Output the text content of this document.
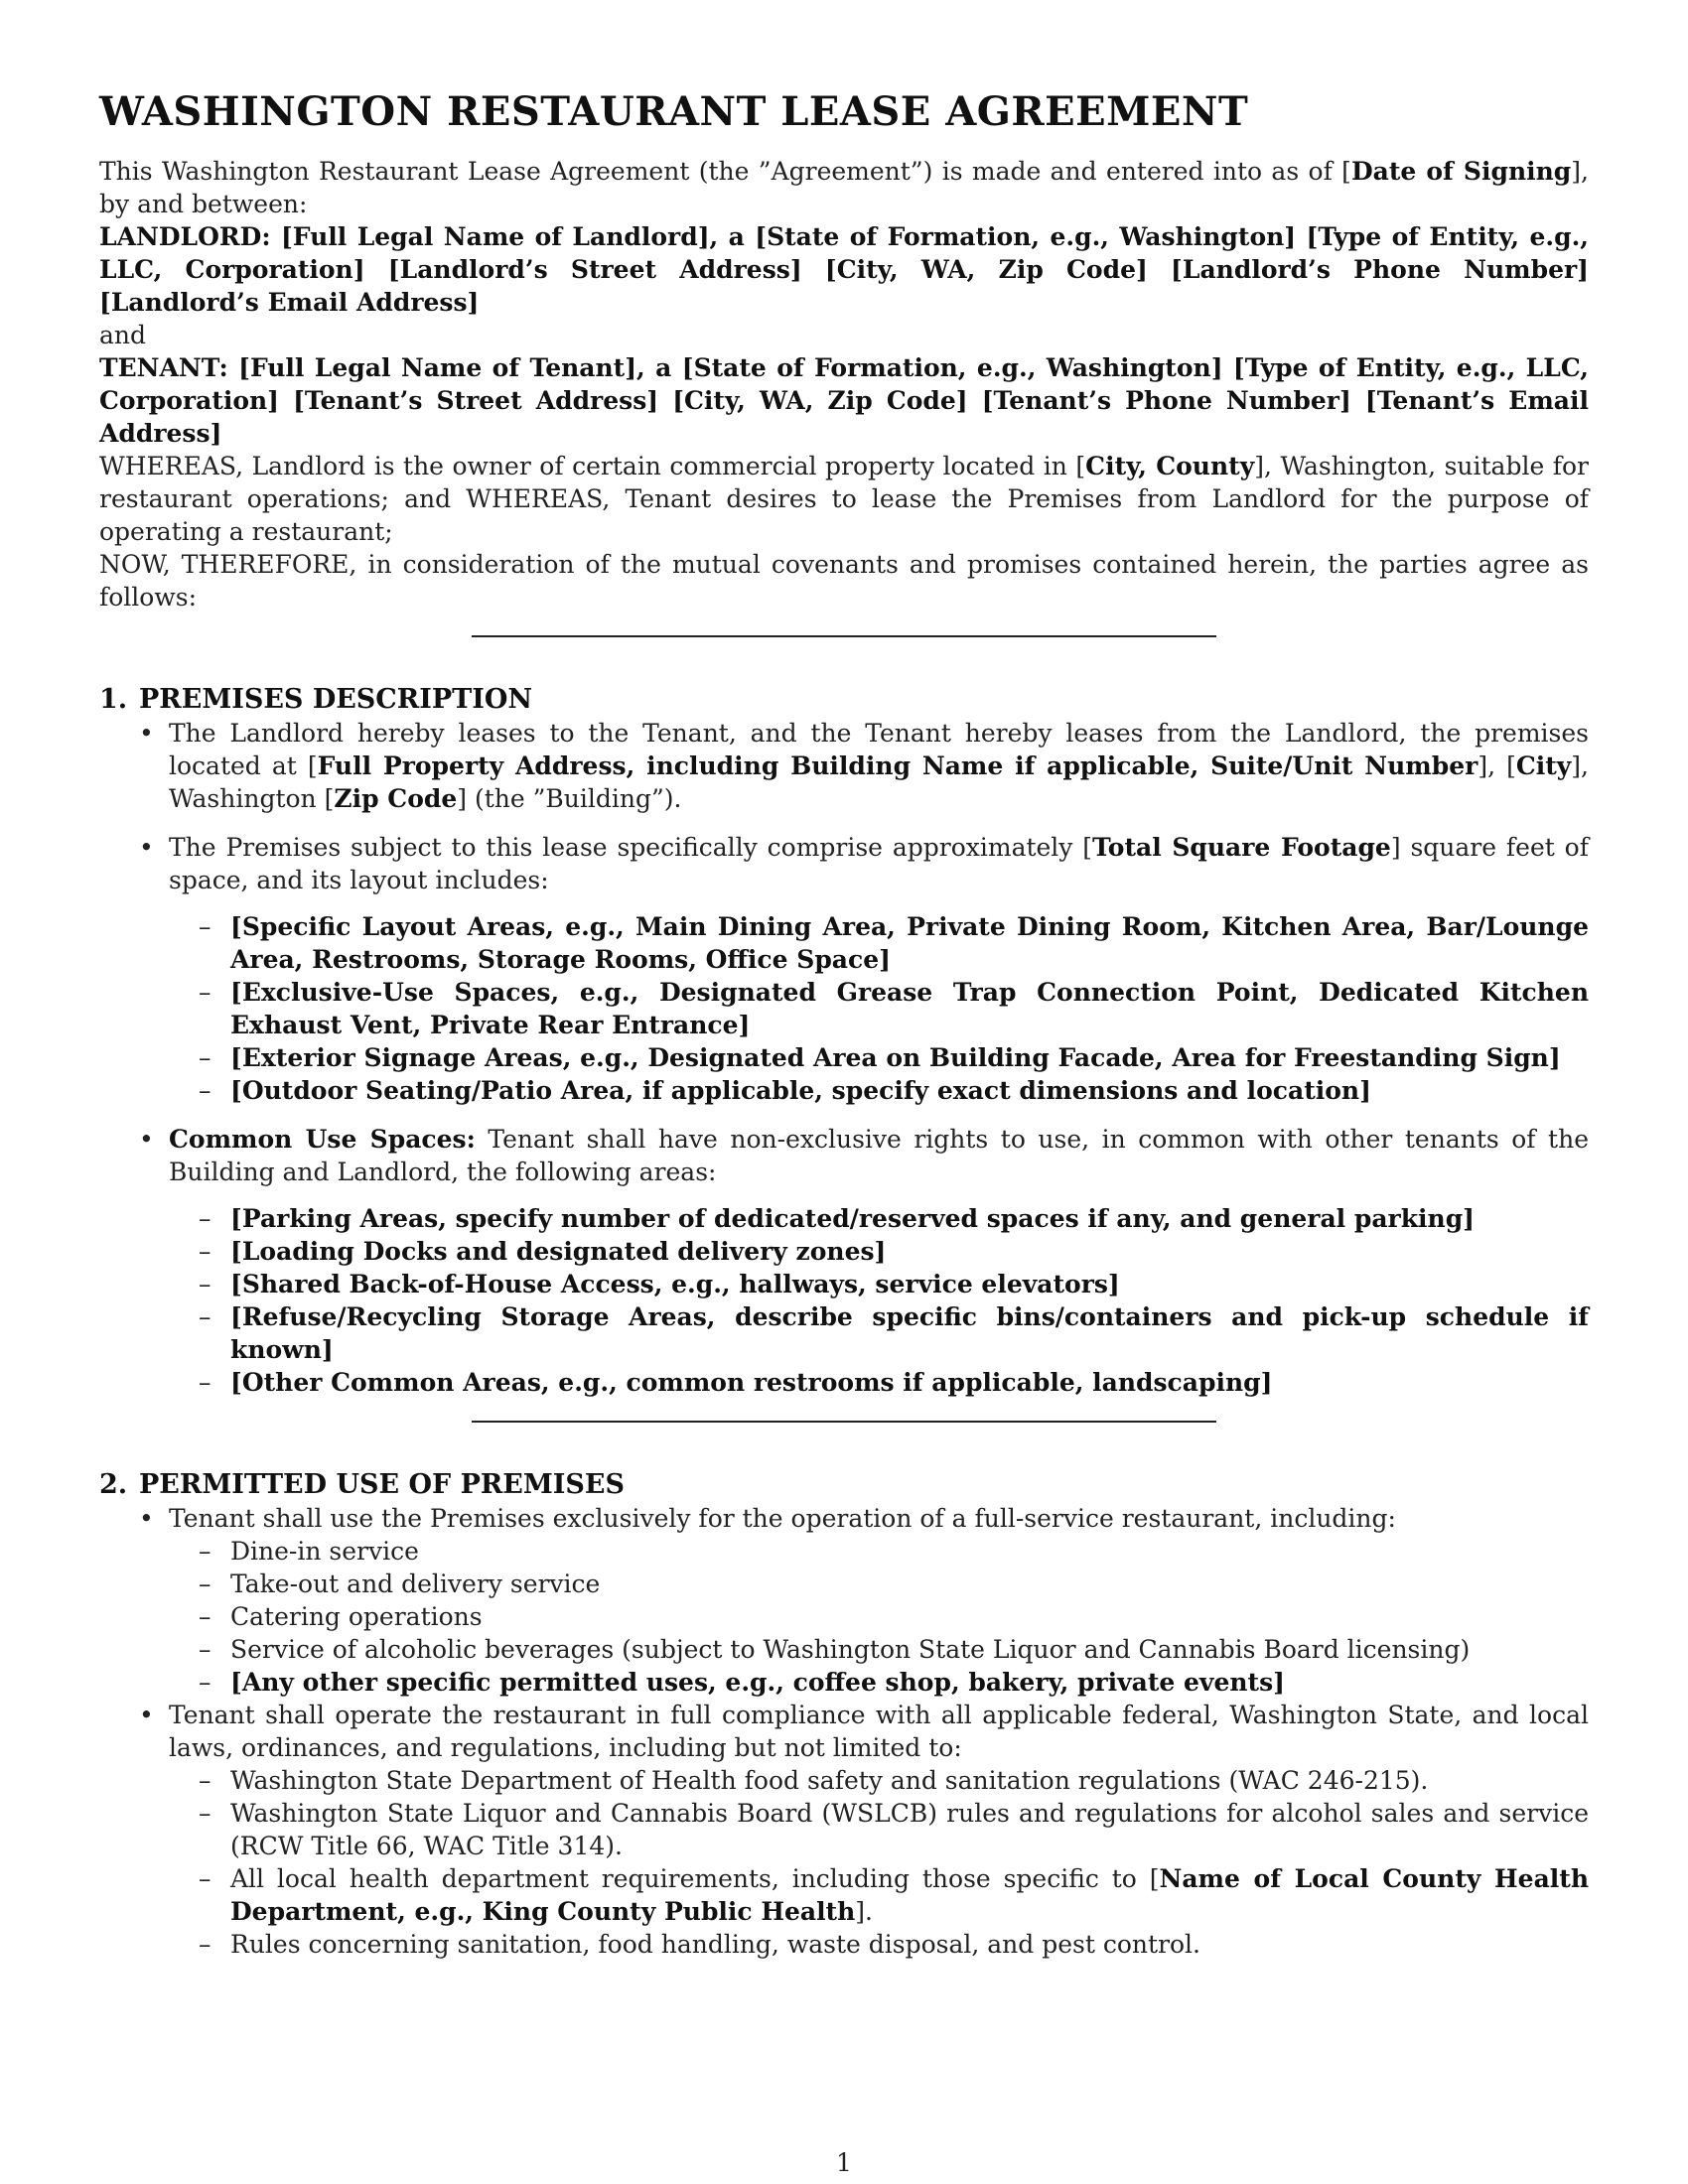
WASHINGTON RESTAURANT LEASE AGREEMENT

This Washington Restaurant Lease Agreement (the ”Agreement”) is made and entered into as of [Date of Signing], by and between:

LANDLORD: [Full Legal Name of Landlord], a [State of Formation, e.g., Washington] [Type of Entity, e.g., LLC, Corporation] [Landlord’s Street Address] [City, WA, Zip Code] [Landlord’s Phone Number] [Landlord’s Email Address]

and

TENANT: [Full Legal Name of Tenant], a [State of Formation, e.g., Washington] [Type of Entity, e.g., LLC, Corporation] [Tenant’s Street Address] [City, WA, Zip Code] [Tenant’s Phone Number] [Tenant’s Email Address]

WHEREAS, Landlord is the owner of certain commercial property located in [City, County], Washington, suitable for restaurant operations; and WHEREAS, Tenant desires to lease the Premises from Landlord for the purpose of operating a restaurant;

NOW, THEREFORE, in consideration of the mutual covenants and promises contained herein, the parties agree as follows:

1. PREMISES DESCRIPTION
• The Landlord hereby leases to the Tenant, and the Tenant hereby leases from the Landlord, the premises located at [Full Property Address, including Building Name if applicable, Suite/Unit Number], [City], Washington [Zip Code] (the ”Building”).
• The Premises subject to this lease specifically comprise approximately [Total Square Footage] square feet of space, and its layout includes:
– [Specific Layout Areas, e.g., Main Dining Area, Private Dining Room, Kitchen Area, Bar/Lounge Area, Restrooms, Storage Rooms, Office Space]
– [Exclusive-Use Spaces, e.g., Designated Grease Trap Connection Point, Dedicated Kitchen Exhaust Vent, Private Rear Entrance]
– [Exterior Signage Areas, e.g., Designated Area on Building Facade, Area for Freestanding Sign]
– [Outdoor Seating/Patio Area, if applicable, specify exact dimensions and location]
• Common Use Spaces: Tenant shall have non-exclusive rights to use, in common with other tenants of the Building and Landlord, the following areas:
– [Parking Areas, specify number of dedicated/reserved spaces if any, and general parking]
– [Loading Docks and designated delivery zones]
– [Shared Back-of-House Access, e.g., hallways, service elevators]
– [Refuse/Recycling Storage Areas, describe specific bins/containers and pick-up schedule if known]
– [Other Common Areas, e.g., common restrooms if applicable, landscaping]
2. PERMITTED USE OF PREMISES
• Tenant shall use the Premises exclusively for the operation of a full-service restaurant, including:
– Dine-in service
– Take-out and delivery service
– Catering operations
– Service of alcoholic beverages (subject to Washington State Liquor and Cannabis Board licensing)
– [Any other specific permitted uses, e.g., coffee shop, bakery, private events]
• Tenant shall operate the restaurant in full compliance with all applicable federal, Washington State, and local laws, ordinances, and regulations, including but not limited to:
– Washington State Department of Health food safety and sanitation regulations (WAC 246-215).
– Washington State Liquor and Cannabis Board (WSLCB) rules and regulations for alcohol sales and service (RCW Title 66, WAC Title 314).
– All local health department requirements, including those specific to [Name of Local County Health Department, e.g., King County Public Health].
– Rules concerning sanitation, food handling, waste disposal, and pest control.
1
